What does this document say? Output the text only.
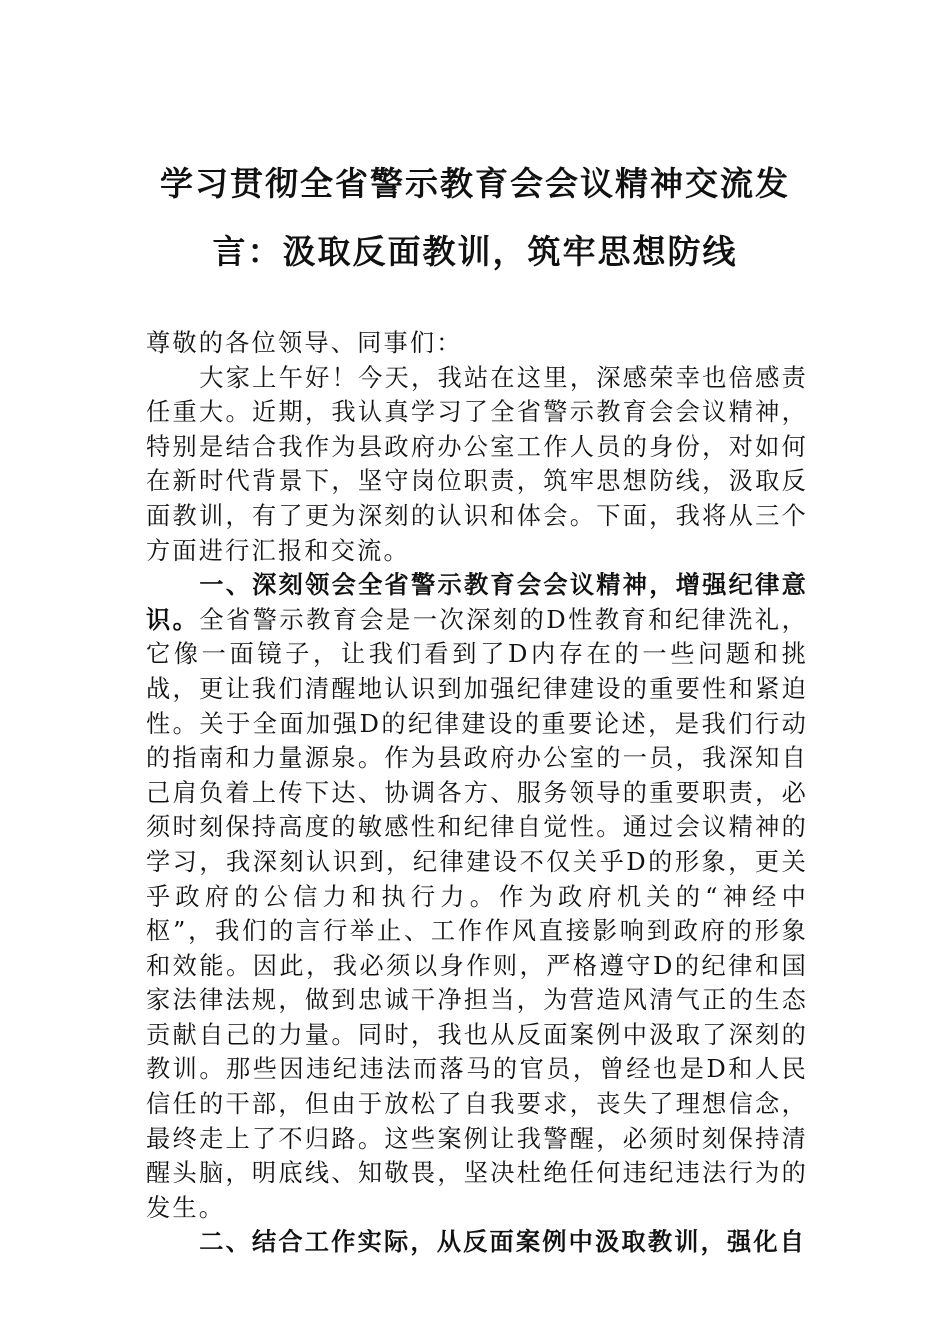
学习贯彻全省警示教育会会议精神交流发言：汲取反面教训，筑牢思想防线

尊敬的各位领导、同事们：

大家上午好！今天，我站在这里，深感荣幸也倍感责任重大。近期，我认真学习了全省警示教育会会议精神，特别是结合我作为县政府办公室工作人员的身份，对如何在新时代背景下，坚守岗位职责，筑牢思想防线，汲取反面教训，有了更为深刻的认识和体会。下面，我将从三个方面进行汇报和交流。

一、深刻领会全省警示教育会会议精神，增强纪律意识。全省警示教育会是一次深刻的D性教育和纪律洗礼，它像一面镜子，让我们看到了D内存在的一些问题和挑战，更让我们清醒地认识到加强纪律建设的重要性和紧迫性。关于全面加强D的纪律建设的重要论述，是我们行动的指南和力量源泉。作为县政府办公室的一员，我深知自己肩负着上传下达、协调各方、服务领导的重要职责，必须时刻保持高度的敏感性和纪律自觉性。通过会议精神的学习，我深刻认识到，纪律建设不仅关乎D的形象，更关乎政府的公信力和执行力。作为政府机关的“神经中枢”，我们的言行举止、工作作风直接影响到政府的形象和效能。因此，我必须以身作则，严格遵守D的纪律和国家法律法规，做到忠诚干净担当，为营造风清气正的生态贡献自己的力量。同时，我也从反面案例中汲取了深刻的教训。那些因违纪违法而落马的官员，曾经也是D和人民信任的干部，但由于放松了自我要求，丧失了理想信念，最终走上了不归路。这些案例让我警醒，必须时刻保持清醒头脑，明底线、知敬畏，坚决杜绝任何违纪违法行为的发生。

二、结合工作实际，从反面案例中汲取教训，强化自
